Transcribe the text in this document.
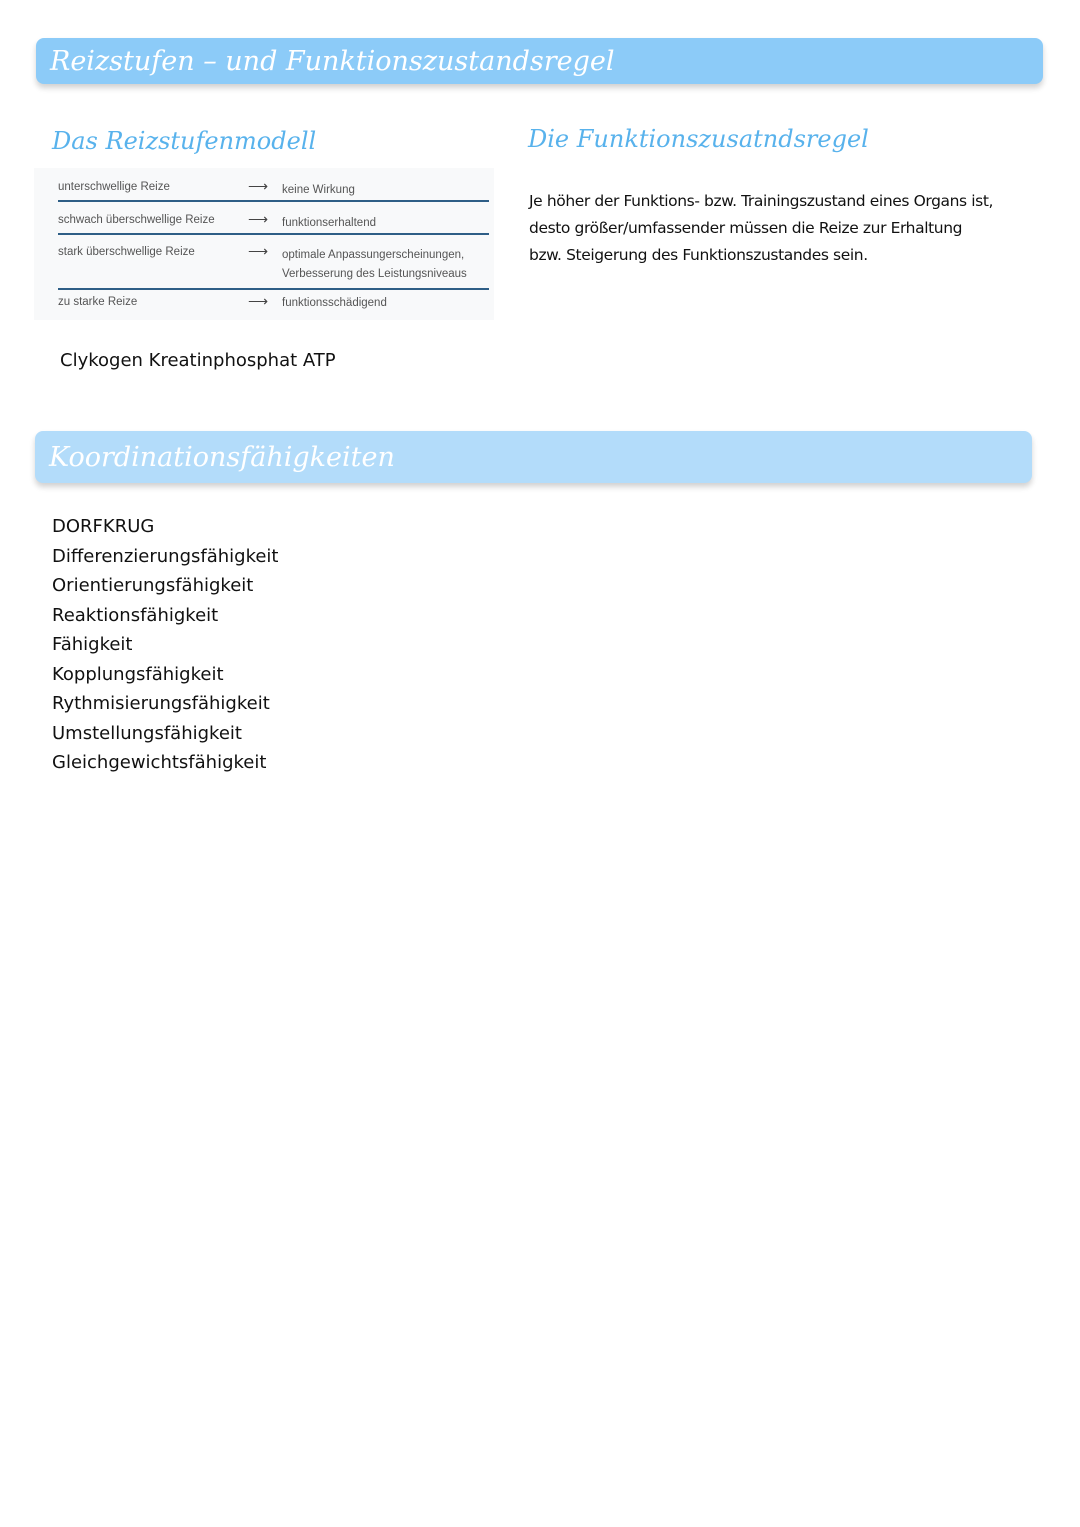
Reizstufen – und Funktionszustandsregel
Das Reizstufenmodell	Die Funktionszusatndsregel
unterschwellige Reize	⟶ keine Wirkung
schwach überschwellige Reize ⟶ funktionserhaltend
stark überschwellige Reize	⟶ optimale Anpassungerscheinungen,
Verbesserung des Leistungsniveaus
zu starke Reize	⟶ funktionsschädigend
Je höher der Funktions- bzw. Trainingszustand eines Organs ist, desto größer/umfassender müssen die Reize zur Erhaltung bzw. Steigerung des Funktionszustandes sein.
Clykogen Kreatinphosphat ATP
Koordinationsfähigkeiten
DORFKRUG
Differenzierungsfähigkeit
Orientierungsfähigkeit
Reaktionsfähigkeit
Fähigkeit
Kopplungsfähigkeit
Rythmisierungsfähigkeit
Umstellungsfähigkeit
Gleichgewichtsfähigkeit
